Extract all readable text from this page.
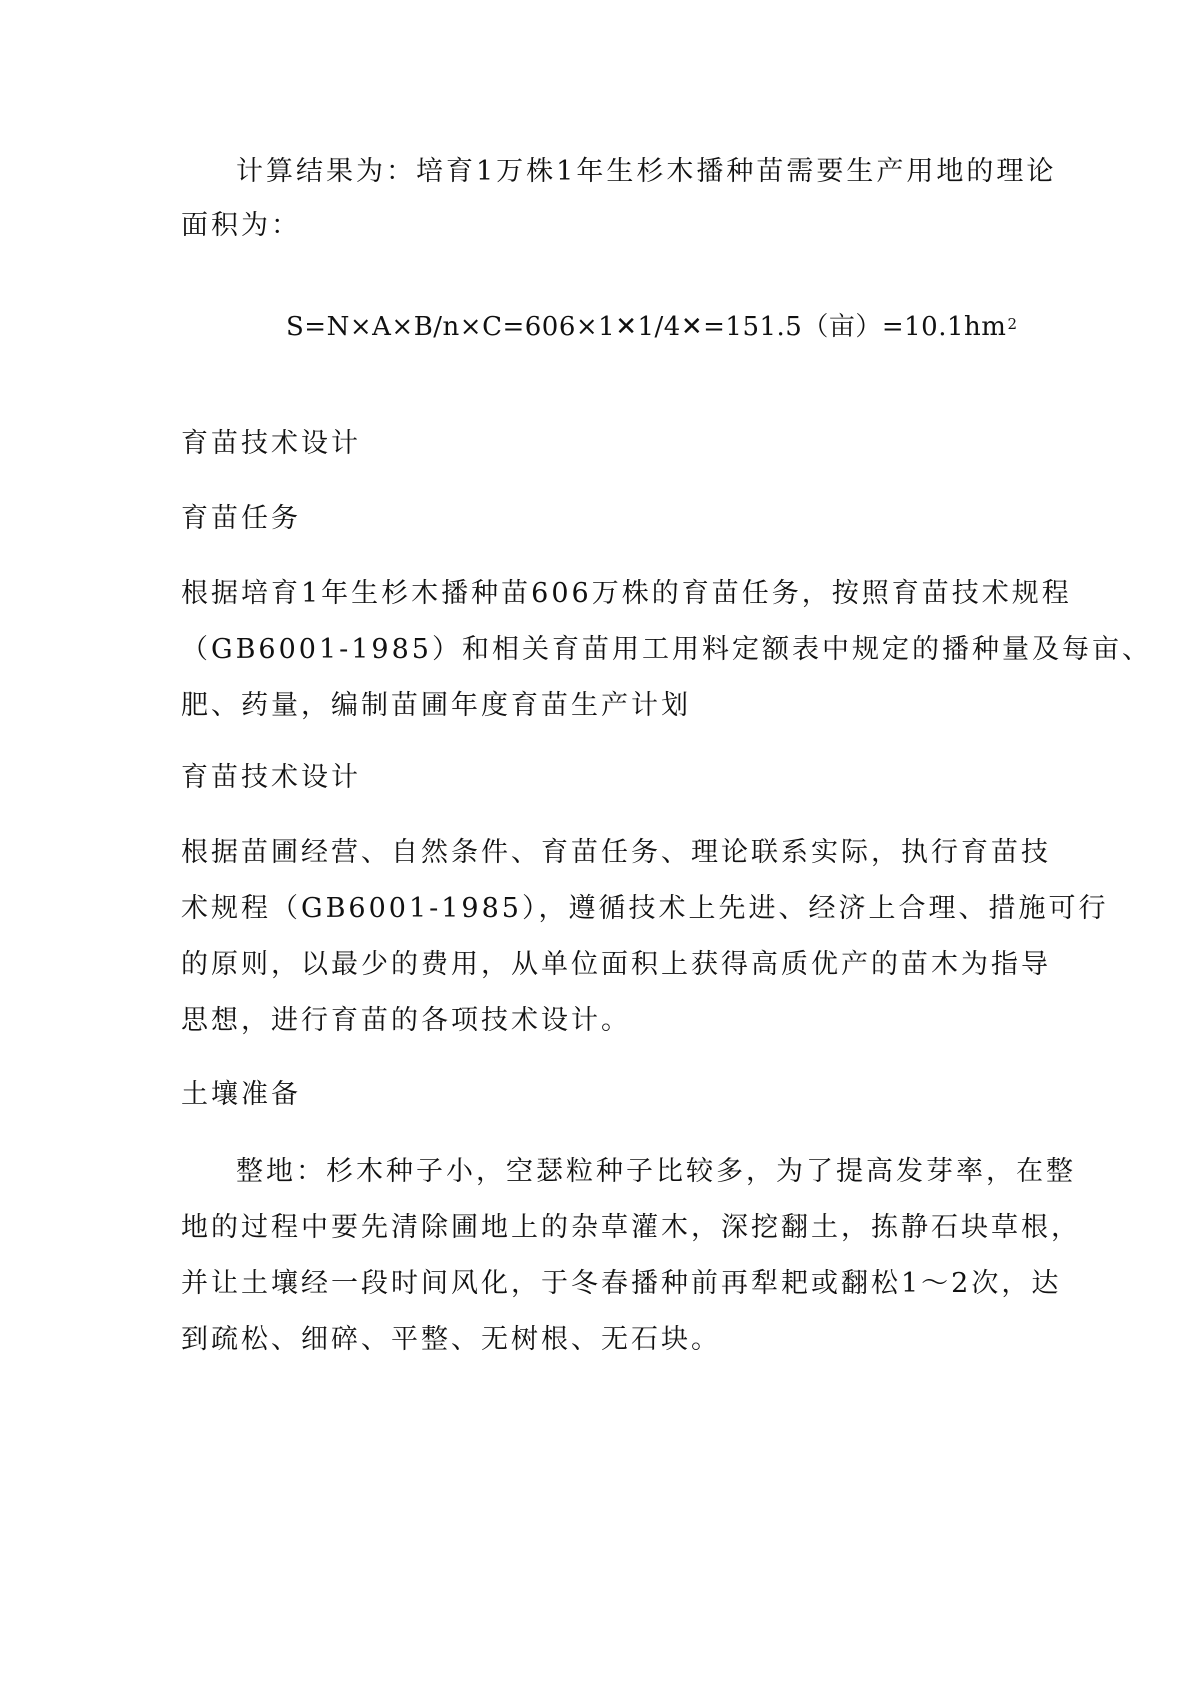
计算结果为：培育1万株1年生杉木播种苗需要生产用地的理论
面积为：
S=N×A×B/n×C=606×1✕1/4✕=151.5（亩）$=10.1hm^2$
育苗技术设计
育苗任务
根据培育1年生杉木播种苗606万株的育苗任务，按照育苗技术规程
（GB6001-1985）和相关育苗用工用料定额表中规定的播种量及每亩、
肥、药量，编制苗圃年度育苗生产计划
育苗技术设计
根据苗圃经营、自然条件、育苗任务、理论联系实际，执行育苗技
术规程（GB6001-1985），遵循技术上先进、经济上合理、措施可行
的原则，以最少的费用，从单位面积上获得高质优产的苗木为指导
思想，进行育苗的各项技术设计。
土壤准备
整地：杉木种子小，空瑟粒种子比较多，为了提高发芽率，在整
地的过程中要先清除圃地上的杂草灌木，深挖翻土，拣静石块草根，
并让土壤经一段时间风化，于冬春播种前再犁耙或翻松1～2次，达
到疏松、细碎、平整、无树根、无石块。
